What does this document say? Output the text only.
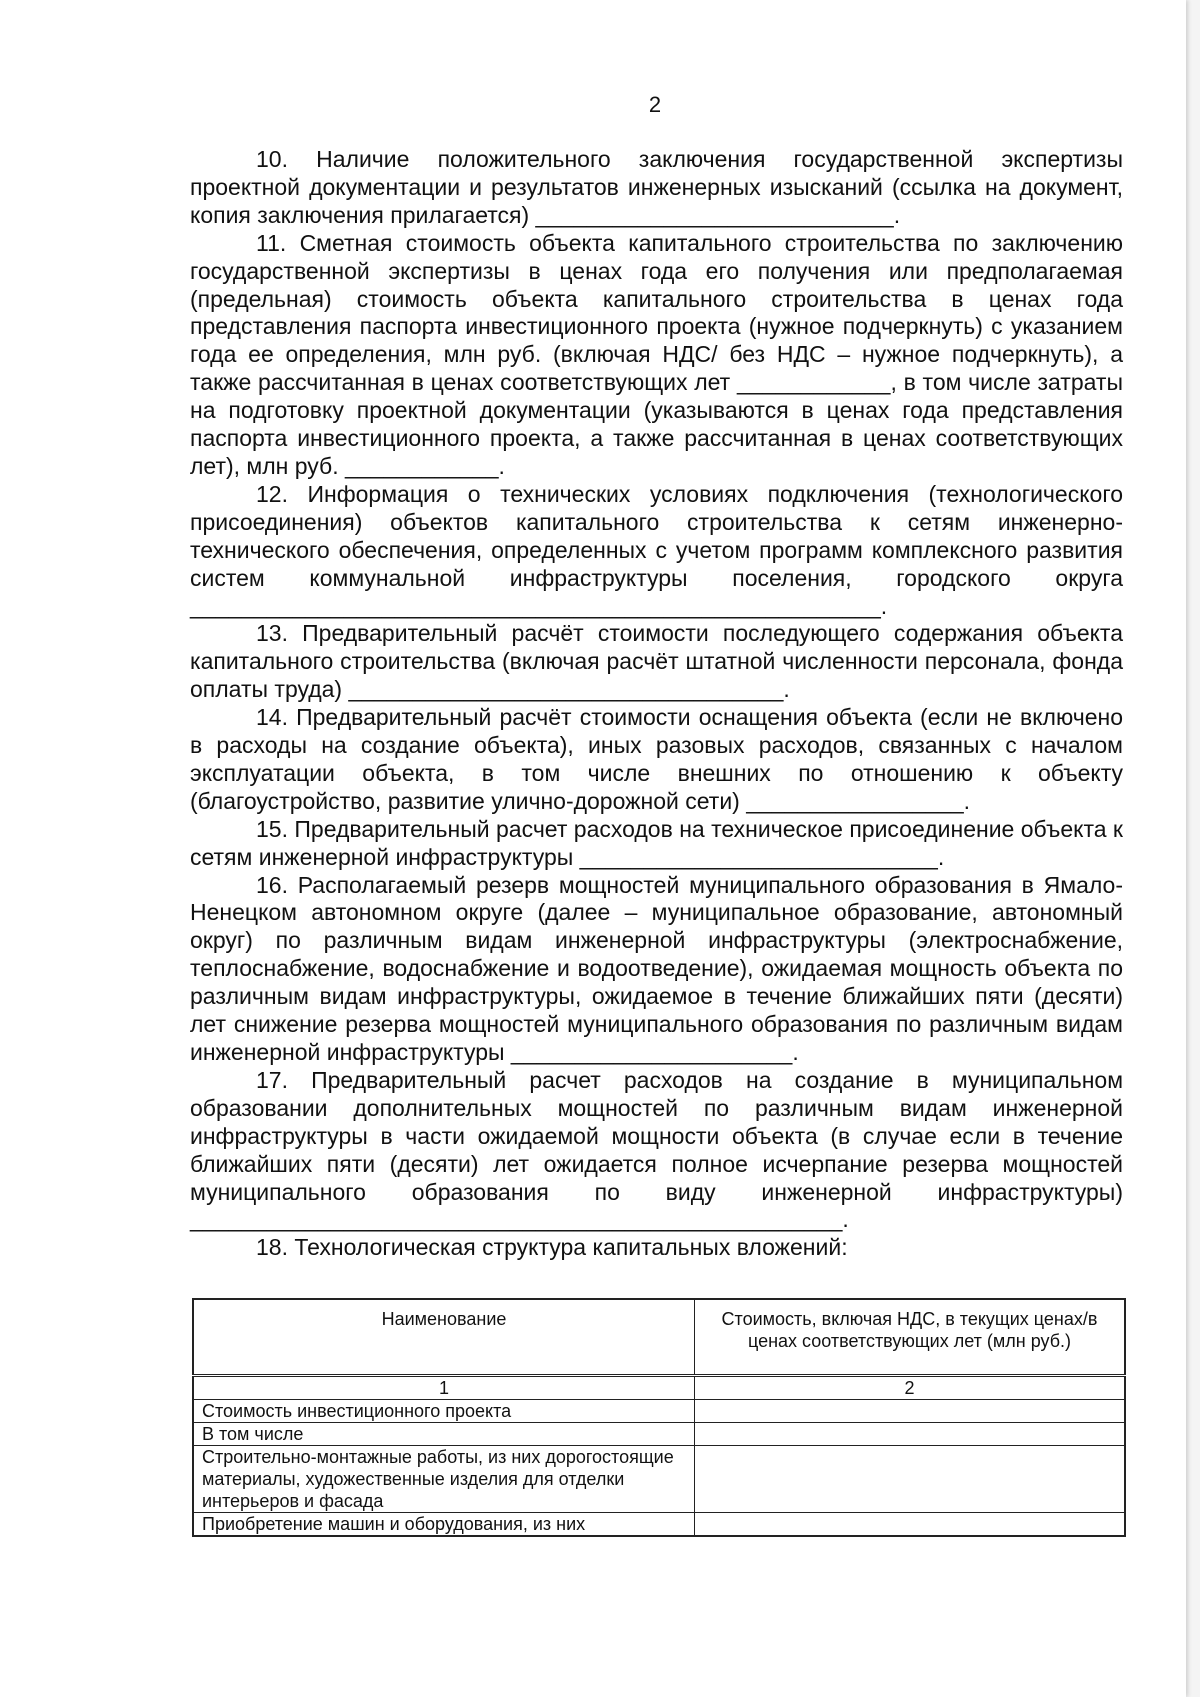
2

10. Наличие положительного заключения государственной экспертизы проектной документации и результатов инженерных изысканий (ссылка на документ, копия заключения прилагается) ____________________________.

11. Сметная стоимость объекта капитального строительства по заключению государственной экспертизы в ценах года его получения или предполагаемая (предельная) стоимость объекта капитального строительства в ценах года представления паспорта инвестиционного проекта (нужное подчеркнуть) с указанием года ее определения, млн руб. (включая НДС/ без НДС – нужное подчеркнуть), а также рассчитанная в ценах соответствующих лет ____________, в том числе затраты на подготовку проектной документации (указываются в ценах года представления паспорта инвестиционного проекта, а также рассчитанная в ценах соответствующих лет), млн руб. ____________.

12. Информация о технических условиях подключения (технологического присоединения) объектов капитального строительства к сетям инженерно-технического обеспечения, определенных с учетом программ комплексного развития систем коммунальной инфраструктуры поселения, городского округа ______________________________________________________.

13. Предварительный расчёт стоимости последующего содержания объекта капитального строительства (включая расчёт штатной численности персонала, фонда оплаты труда) __________________________________.

14. Предварительный расчёт стоимости оснащения объекта (если не включено в расходы на создание объекта), иных разовых расходов, связанных с началом эксплуатации объекта, в том числе внешних по отношению к объекту (благоустройство, развитие улично-дорожной сети) _________________.

15. Предварительный расчет расходов на техническое присоединение объекта к сетям инженерной инфраструктуры ____________________________.

16. Располагаемый резерв мощностей муниципального образования в Ямало-Ненецком автономном округе (далее – муниципальное образование, автономный округ) по различным видам инженерной инфраструктуры (электроснабжение, теплоснабжение, водоснабжение и водоотведение), ожидаемая мощность объекта по различным видам инфраструктуры, ожидаемое в течение ближайших пяти (десяти) лет снижение резерва мощностей муниципального образования по различным видам инженерной инфраструктуры ______________________.

17. Предварительный расчет расходов на создание в муниципальном образовании дополнительных мощностей по различным видам инженерной инфраструктуры в части ожидаемой мощности объекта (в случае если в течение ближайших пяти (десяти) лет ожидается полное исчерпание резерва мощностей муниципального образования по виду инженерной инфраструктуры) ___________________________________________________.

18. Технологическая структура капитальных вложений:

Наименование	Стоимость, включая НДС, в текущих ценах/в ценах соответствующих лет (млн руб.)
1	2
Стоимость инвестиционного проекта	
В том числе	
Строительно-монтажные работы, из них дорогостоящие материалы, художественные изделия для отделки интерьеров и фасада	
Приобретение машин и оборудования, из них	
